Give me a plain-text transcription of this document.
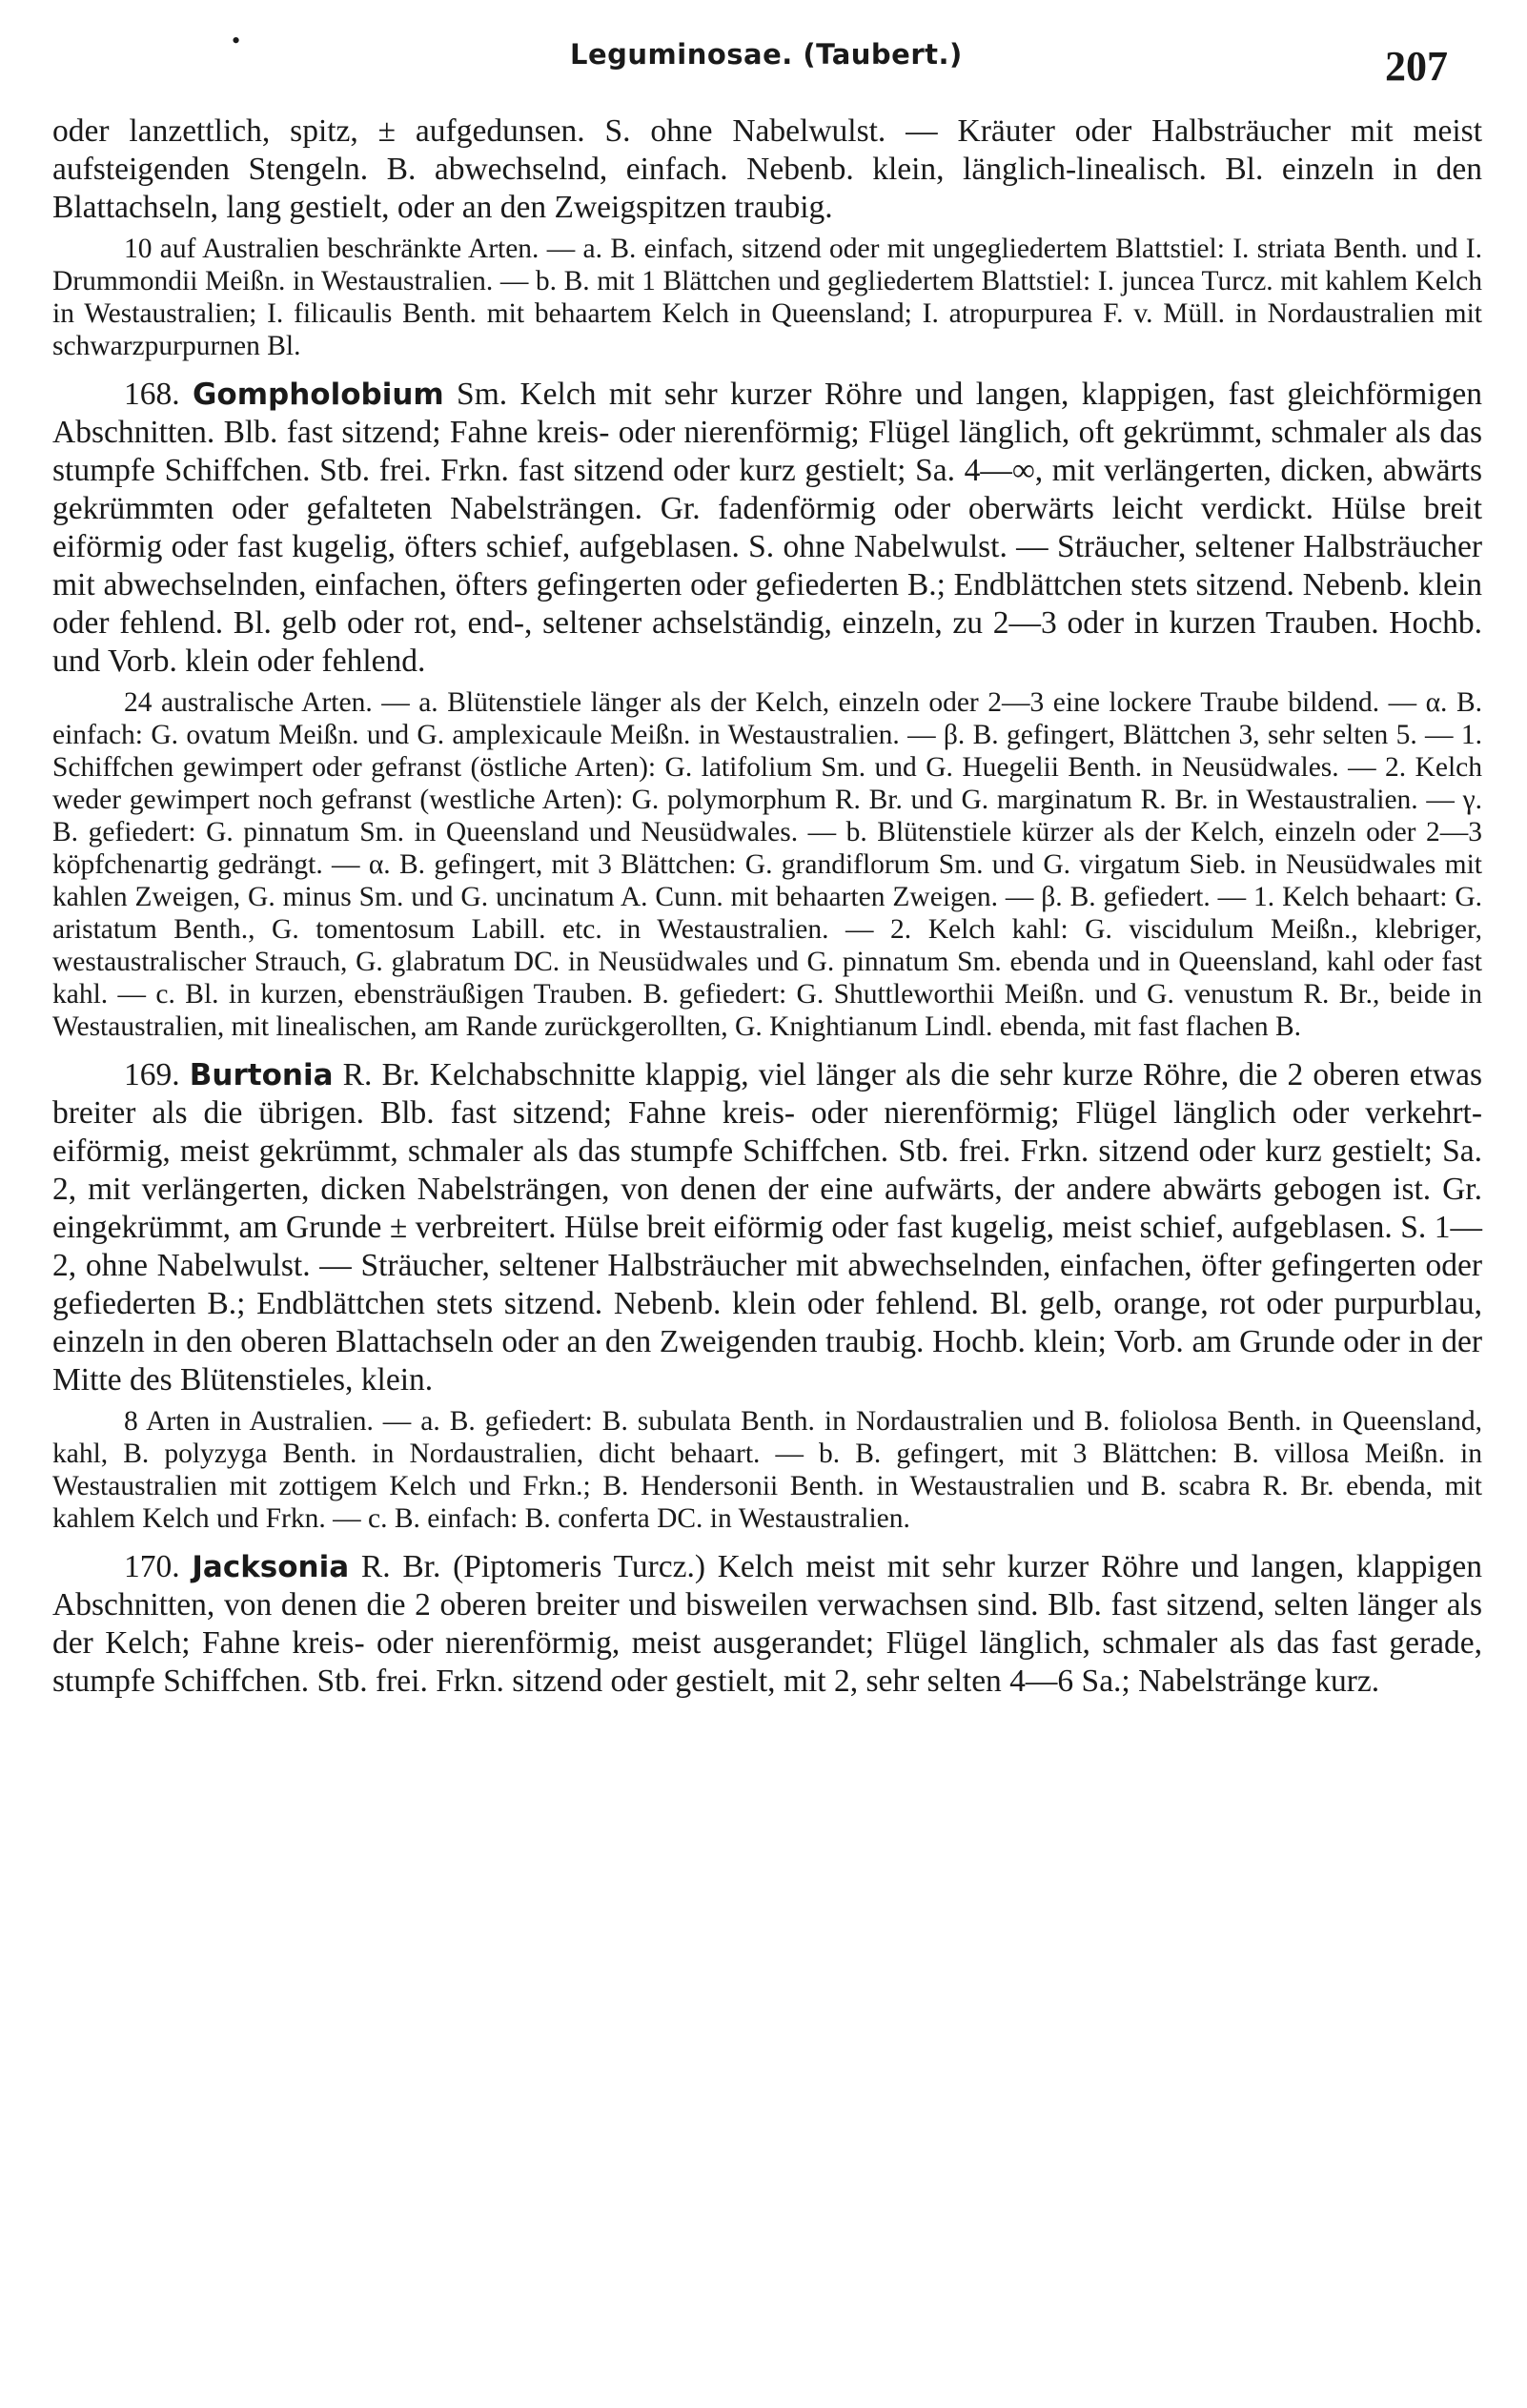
•	Leguminosae. (Taubert.)	207

oder lanzettlich, spitz, ± aufgedunsen. S. ohne Nabelwulst. — Kräuter oder Halbsträucher mit meist aufsteigenden Stengeln. B. abwechselnd, einfach. Nebenb. klein, länglich-linealisch. Bl. einzeln in den Blattachseln, lang gestielt, oder an den Zweigspitzen traubig.

10 auf Australien beschränkte Arten. — a. B. einfach, sitzend oder mit ungegliedertem Blattstiel: I. striata Benth. und I. Drummondii Meißn. in Westaustralien. — b. B. mit 1 Blättchen und gegliedertem Blattstiel: I. juncea Turcz. mit kahlem Kelch in Westaustralien; I. filicaulis Benth. mit behaartem Kelch in Queensland; I. atropurpurea F. v. Müll. in Nordaustralien mit schwarzpurpurnen Bl.

168. Gompholobium Sm. Kelch mit sehr kurzer Röhre und langen, klappigen, fast gleichförmigen Abschnitten. Blb. fast sitzend; Fahne kreis- oder nierenförmig; Flügel länglich, oft gekrümmt, schmaler als das stumpfe Schiffchen. Stb. frei. Frkn. fast sitzend oder kurz gestielt; Sa. 4—∞, mit verlängerten, dicken, abwärts gekrümmten oder gefalteten Nabelsträngen. Gr. fadenförmig oder oberwärts leicht verdickt. Hülse breit eiförmig oder fast kugelig, öfters schief, aufgeblasen. S. ohne Nabelwulst. — Sträucher, seltener Halbsträucher mit abwechselnden, einfachen, öfters gefingerten oder gefiederten B.; Endblättchen stets sitzend. Nebenb. klein oder fehlend. Bl. gelb oder rot, end-, seltener achselständig, einzeln, zu 2—3 oder in kurzen Trauben. Hochb. und Vorb. klein oder fehlend.

24 australische Arten. — a. Blütenstiele länger als der Kelch, einzeln oder 2—3 eine lockere Traube bildend. — α. B. einfach: G. ovatum Meißn. und G. amplexicaule Meißn. in Westaustralien. — β. B. gefingert, Blättchen 3, sehr selten 5. — 1. Schiffchen gewimpert oder gefranst (östliche Arten): G. latifolium Sm. und G. Huegelii Benth. in Neusüdwales. — 2. Kelch weder gewimpert noch gefranst (westliche Arten): G. polymorphum R. Br. und G. marginatum R. Br. in Westaustralien. — γ. B. gefiedert: G. pinnatum Sm. in Queensland und Neusüdwales. — b. Blütenstiele kürzer als der Kelch, einzeln oder 2—3 köpfchenartig gedrängt. — α. B. gefingert, mit 3 Blättchen: G. grandiflorum Sm. und G. virgatum Sieb. in Neusüdwales mit kahlen Zweigen, G. minus Sm. und G. uncinatum A. Cunn. mit behaarten Zweigen. — β. B. gefiedert. — 1. Kelch behaart: G. aristatum Benth., G. tomentosum Labill. etc. in Westaustralien. — 2. Kelch kahl: G. viscidulum Meißn., klebriger, westaustralischer Strauch, G. glabratum DC. in Neusüdwales und G. pinnatum Sm. ebenda und in Queensland, kahl oder fast kahl. — c. Bl. in kurzen, ebensträußigen Trauben. B. gefiedert: G. Shuttleworthii Meißn. und G. venustum R. Br., beide in Westaustralien, mit linealischen, am Rande zurückgerollten, G. Knightianum Lindl. ebenda, mit fast flachen B.

169. Burtonia R. Br. Kelchabschnitte klappig, viel länger als die sehr kurze Röhre, die 2 oberen etwas breiter als die übrigen. Blb. fast sitzend; Fahne kreis- oder nierenförmig; Flügel länglich oder verkehrt-eiförmig, meist gekrümmt, schmaler als das stumpfe Schiffchen. Stb. frei. Frkn. sitzend oder kurz gestielt; Sa. 2, mit verlängerten, dicken Nabelsträngen, von denen der eine aufwärts, der andere abwärts gebogen ist. Gr. eingekrümmt, am Grunde ± verbreitert. Hülse breit eiförmig oder fast kugelig, meist schief, aufgeblasen. S. 1—2, ohne Nabelwulst. — Sträucher, seltener Halbsträucher mit abwechselnden, einfachen, öfter gefingerten oder gefiederten B.; Endblättchen stets sitzend. Nebenb. klein oder fehlend. Bl. gelb, orange, rot oder purpurblau, einzeln in den oberen Blattachseln oder an den Zweigenden traubig. Hochb. klein; Vorb. am Grunde oder in der Mitte des Blütenstieles, klein.

8 Arten in Australien. — a. B. gefiedert: B. subulata Benth. in Nordaustralien und B. foliolosa Benth. in Queensland, kahl, B. polyzyga Benth. in Nordaustralien, dicht behaart. — b. B. gefingert, mit 3 Blättchen: B. villosa Meißn. in Westaustralien mit zottigem Kelch und Frkn.; B. Hendersonii Benth. in Westaustralien und B. scabra R. Br. ebenda, mit kahlem Kelch und Frkn. — c. B. einfach: B. conferta DC. in Westaustralien.

170. Jacksonia R. Br. (Piptomeris Turcz.) Kelch meist mit sehr kurzer Röhre und langen, klappigen Abschnitten, von denen die 2 oberen breiter und bisweilen verwachsen sind. Blb. fast sitzend, selten länger als der Kelch; Fahne kreis- oder nierenförmig, meist ausgerandet; Flügel länglich, schmaler als das fast gerade, stumpfe Schiffchen. Stb. frei. Frkn. sitzend oder gestielt, mit 2, sehr selten 4—6 Sa.; Nabelstränge kurz.
